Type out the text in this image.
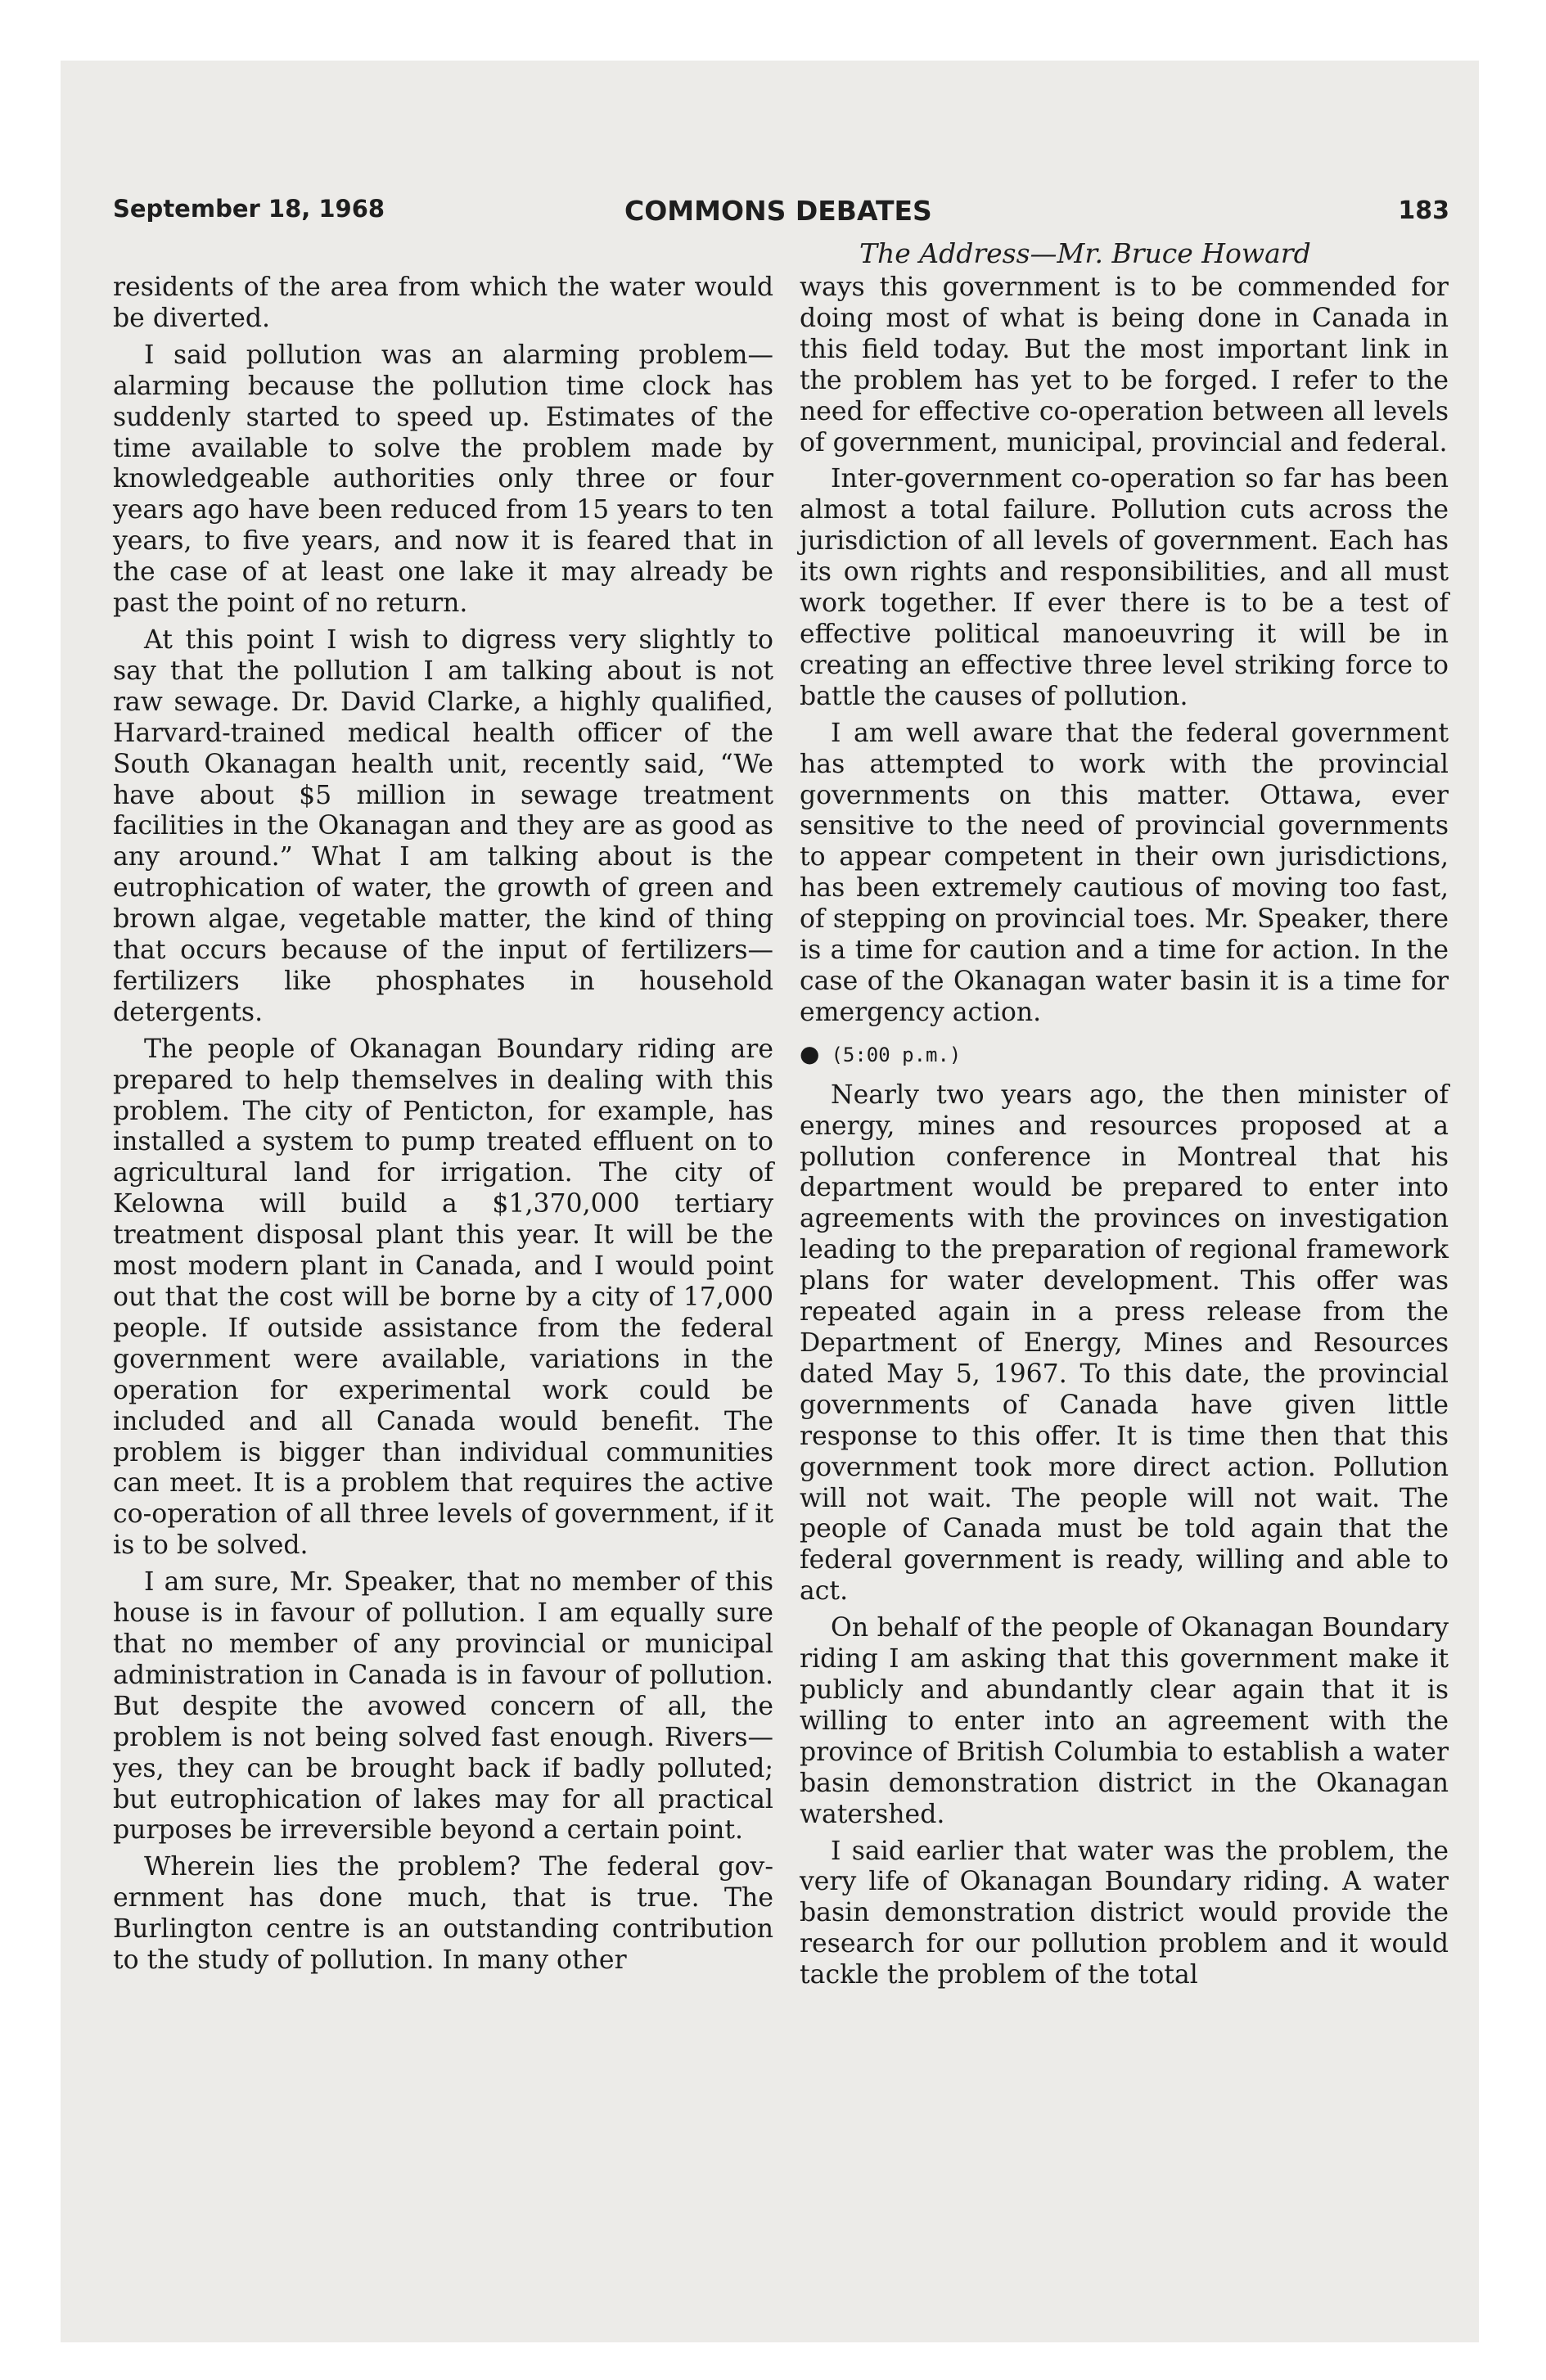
September 18, 1968	COMMONS DEBATES	183
The Address—Mr. Bruce Howard

residents of the area from which the water would be diverted.

I said pollution was an alarming problem—alarming because the pollution time clock has suddenly started to speed up. Estimates of the time available to solve the problem made by knowledgeable authorities only three or four years ago have been reduced from 15 years to ten years, to five years, and now it is feared that in the case of at least one lake it may already be past the point of no return.

At this point I wish to digress very slightly to say that the pollution I am talking about is not raw sewage. Dr. David Clarke, a highly qualified, Harvard-trained medical health officer of the South Okanagan health unit, recently said, “We have about $5 million in sewage treatment facilities in the Okanagan and they are as good as any around.” What I am talking about is the eutrophication of water, the growth of green and brown algae, vegetable matter, the kind of thing that occurs because of the input of fertilizers—fertilizers like phosphates in household detergents.

The people of Okanagan Boundary riding are prepared to help themselves in dealing with this problem. The city of Penticton, for example, has installed a system to pump treated effluent on to agricultural land for irrigation. The city of Kelowna will build a $1,370,000 tertiary treatment disposal plant this year. It will be the most modern plant in Canada, and I would point out that the cost will be borne by a city of 17,000 people. If outside assistance from the federal government were available, variations in the operation for experimental work could be included and all Canada would benefit. The problem is bigger than individual communities can meet. It is a problem that requires the active co-operation of all three levels of government, if it is to be solved.

I am sure, Mr. Speaker, that no member of this house is in favour of pollution. I am equally sure that no member of any provincial or municipal administration in Canada is in favour of pollution. But despite the avowed concern of all, the problem is not being solved fast enough. Rivers—yes, they can be brought back if badly polluted; but eutrophication of lakes may for all practical purposes be irreversible beyond a certain point.

Wherein lies the problem? The federal government has done much, that is true. The Burlington centre is an outstanding contribution to the study of pollution. In many other

ways this government is to be commended for doing most of what is being done in Canada in this field today. But the most important link in the problem has yet to be forged. I refer to the need for effective co-operation between all levels of government, municipal, provincial and federal.

Inter-government co-operation so far has been almost a total failure. Pollution cuts across the jurisdiction of all levels of government. Each has its own rights and responsibilities, and all must work together. If ever there is to be a test of effective political manoeuvring it will be in creating an effective three level striking force to battle the causes of pollution.

I am well aware that the federal government has attempted to work with the provincial governments on this matter. Ottawa, ever sensitive to the need of provincial governments to appear competent in their own jurisdictions, has been extremely cautious of moving too fast, of stepping on provincial toes. Mr. Speaker, there is a time for caution and a time for action. In the case of the Okanagan water basin it is a time for emergency action.

● (5:00 p.m.)

Nearly two years ago, the then minister of energy, mines and resources proposed at a pollution conference in Montreal that his department would be prepared to enter into agreements with the provinces on investigation leading to the preparation of regional framework plans for water development. This offer was repeated again in a press release from the Department of Energy, Mines and Resources dated May 5, 1967. To this date, the provincial governments of Canada have given little response to this offer. It is time then that this government took more direct action. Pollution will not wait. The people will not wait. The people of Canada must be told again that the federal government is ready, willing and able to act.

On behalf of the people of Okanagan Boundary riding I am asking that this government make it publicly and abundantly clear again that it is willing to enter into an agreement with the province of British Columbia to establish a water basin demonstration district in the Okanagan watershed.

I said earlier that water was the problem, the very life of Okanagan Boundary riding. A water basin demonstration district would provide the research for our pollution problem and it would tackle the problem of the total
